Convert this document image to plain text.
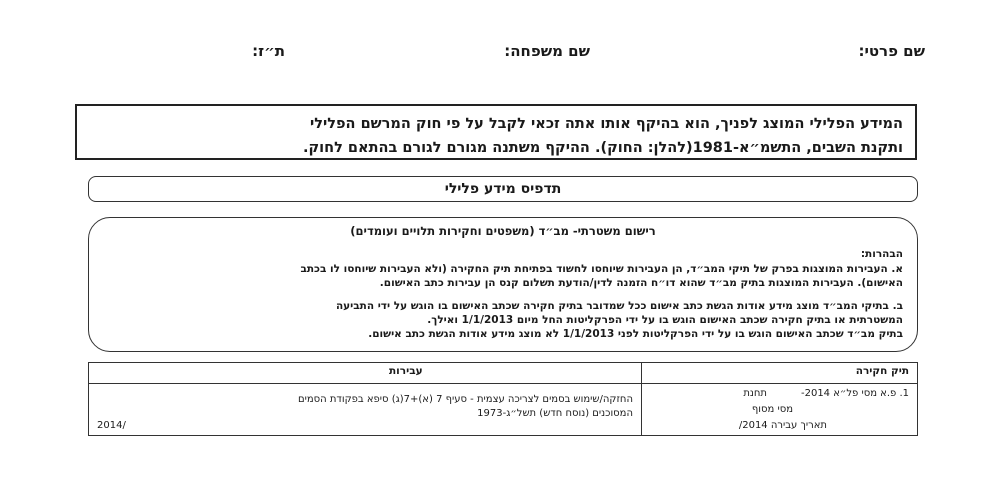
שם פרטי:
שם משפחה:
ת״ז:
המידע הפלילי המוצג לפניך, הוא בהיקף אותו אתה זכאי לקבל על פי חוק המרשם הפלילי
ותקנת השבים, התשמ״א-1981(להלן: החוק). ההיקף משתנה מגורם לגורם בהתאם לחוק.
תדפיס מידע פלילי
רישום משטרתי- מב״ד (משפטים וחקירות תלויים ועומדים)
הבהרות:
א. העבירות המוצגות בפרק של תיקי המב״ד, הן העבירות שיוחסו לחשוד בפתיחת תיק החקירה (ולא העבירות שיוחסו לו בכתב
האישום). העבירות המוצגות בתיק מב״ד שהוא דו״ח הזמנה לדין/הודעת תשלום קנס הן עבירות כתב האישום.
ב. בתיקי המב״ד מוצג מידע אודות הגשת כתב אישום ככל שמדובר בתיק חקירה שכתב האישום בו הוגש על ידי התביעה
המשטרתית או בתיק חקירה שכתב האישום הוגש בו על ידי הפרקליטות החל מיום 1/1/2013 ואילך.
בתיק מב״ד שכתב האישום הוגש בו על ידי הפרקליטות לפני 1/1/2013 לא מוצג מידע אודות הגשת כתב אישום.
תיק חקירה
עבירות
1. פ.א מסי פל״א 2014-
תחנת
מסי מסוף
תאריך עבירה 2014/
/2014
החזקה/שימוש בסמים לצריכה עצמית - סעיף 7 (א)+7(ג) סיפא בפקודת הסמים
המסוכנים (נוסח חדש) תשל״ג-1973
